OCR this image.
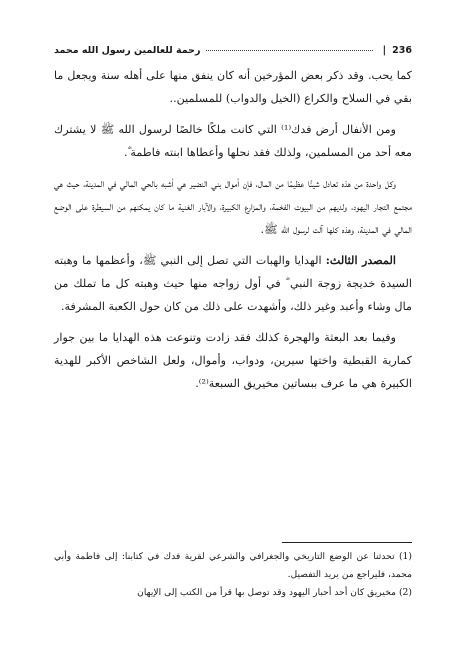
236
|
رحمة للعالمين رسول الله محمد

كما يحب. وقد ذكر بعض المؤرخين أنه كان ينفق منها على أهله سنة ويجعل ما بقي في السلاح والكراع (الخيل والدواب) للمسلمين..

ومن الأنفال أرض فدك⁽¹⁾ التي كانت ملكًا خالصًا لرسول الله ﷺ لا يشترك معه أحد من المسلمين، ولذلك فقد نحلها وأعطاها ابنته فاطمة ؓ.

وكل واحدة من هذه تعادل شيئًا عظيمًا من المال، فإن أموال بني النضير هي أشبه بالحي المالي في المدينة، حيث هي مجتمع التجار اليهود، ولديهم من البيوت الفخمة، والمزارع الكبيرة، والآبار الغنية ما كان يمكنهم من السيطرة على الوضع المالي في المدينة، وهذه كلها آلت لرسول الله ﷺ.

المصدر الثالث: الهدايا والهبات التي تصل إلى النبي ﷺ، وأعظمها ما وهبته السيدة خديجة زوجة النبي ؓ في أول زواجه منها حيث وهبته كل ما تملك من مال وشاء وأعبد وغير ذلك، وأشهدت على ذلك من كان حول الكعبة المشرفة.

وفيما بعد البعثة والهجرة كذلك فقد زادت وتنوعت هذه الهدايا ما بين جوار كمارية القبطية واختها سيرين، ودواب، وأموال، ولعل الشاخص الأكبر للهدية الكبيرة هي ما عرف ببساتين مخيريق السبعة⁽²⁾.

(1) تحدثنا عن الوضع التاريخي والجغرافي والشرعي لقرية فدك في كتابنا: إلى فاطمة وأبي محمد، فليراجع من يريد التفصيل.

(2) مخيريق كان أحد أحبار اليهود وقد توصل بها قرأ من الكتب إلى الإيهان
